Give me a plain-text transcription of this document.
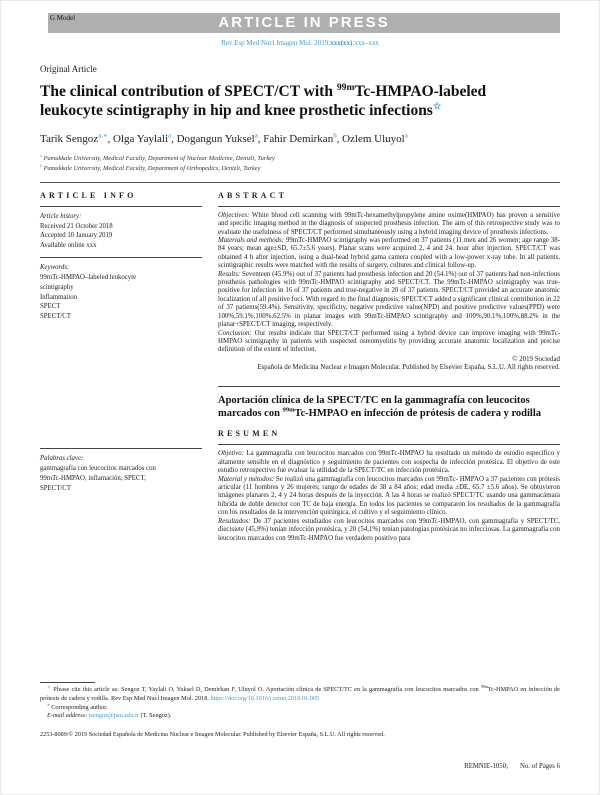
G Model	ARTICLE IN PRESS
Rev Esp Med Nucl Imagen Mol. 2019;xxx(xx):xxx–xxx
Original Article
The clinical contribution of SPECT/CT with $^{99m}$Tc-HMPAO-labeled leukocyte scintigraphy in hip and knee prosthetic infections☆
Tarik Sengoz$^{a,∗}$, Olga Yaylali$^a$, Dogangun Yuksel$^a$, Fahir Demirkan$^b$, Ozlem Uluyol$^a$
$^a$ Pamukkale University, Medical Faculty, Department of Nuclear Medicine, Denizli, Turkey
$^b$ Pamukkale University, Medical Faculty, Department of Orthopedics, Denizli, Turkey
ARTICLE INFO
Article history:
Received 21 October 2018
Accepted 10 January 2019
Available online xxx
Keywords:
99mTc-HMPAO–labeled leukocyte
scintigraphy
Inflammation
SPECT
SPECT/CT
ABSTRACT

Objectives: White blood cell scanning with 99mTc-hexamethylpropylene amine oxime(HMPAO) has proven a sensitive and specific imaging method in the diagnosis of suspected prosthesis infection. The aim of this retrospective study was to evaluate the usefulness of SPECT/CT performed simultaneously using a hybrid imaging device of prosthesis infections.

Materials and methods: 99mTc-HMPAO scintigraphy was performed on 37 patients (11 men and 26 women; age range 38-84 years; mean age±SD, 65.7±5.6 years). Planar scans were acquired 2, 4 and 24. hour after injection. SPECT/CT was obtained 4 h after injection, using a dual-head hybrid gama camera coupled with a low-power x-ray tube. In all patients, scintigraphic results were matched with the results of surgery, cultures and clinical follow-up.

Results: Seventeen (45.9%) out of 37 patients had prosthesis infection and 20 (54.1%) out of 37 patients had non-infectious prosthesis pathologies with 99mTc-HMPAO scintigraphy and SPECT/CT. The 99mTc-HMPAO scintigraphy was true-positive for infection in 16 of 37 patients and true-negative in 20 of 37 patients. SPECT/CT provided an accurate anatomic localization of all positive foci. With regard to the final diagnosis, SPECT/CT added a significant clinical contribution in 22 of 37 patients(59.4%). Sensitivity, specificity, negative predictive value(NPD) and positive predictive values(PPD) were 100%,59.1%,100%,62.5% in planar images with 99mTc-HMPAO scintigraphy and 100%,90.1%,100%,88.2% in the planar+SPECT/CT imaging, respectively.

Conclusion: Our results indicate that SPECT/CT performed using a hybrid device can improve imaging with 99mTc-HMPAO scintigraphy in patients with suspected osteomyelitis by providing accurate anatomic localization and precise definition of the extent of infection.

© 2019 Sociedad
Española de Medicina Nuclear e Imagen Molecular. Published by Elsevier España, S.L.U. All rights reserved.
Palabras clave:
gammagrafía con leucocitos marcados con
99mTc-HMPAO, inflamación, SPECT,
SPECT/CT
Aportación clínica de la SPECT/TC en la gammagrafía con leucocitos marcados con $^{99m}$Tc-HMPAO en infección de prótesis de cadera y rodilla
RESUMEN

Objetivo: La gammagrafía con leucocitos marcados con 99mTc-HMPAO ha resultado un método de estudio específico y altamente sensible en el diagnóstico y seguimiento de pacientes con sospecha de infección protésica. El objetivo de este estudio retrospectivo fue evaluar la utilidad de la SPECT/TC en infección protésica.

Material y métodos: Se realizó una gammagrafía con leucocitos marcados con 99mTc- HMPAO a 37 pacientes con prótesis articular (11 hombres y 26 mujeres; rango de edades de 38 a 84 años; edad media ±DE, 65.7 ±5.6 años). Se obtuvieron imágenes planares 2, 4 y 24 horas después de la inyección. A las 4 horas se realizó SPECT/TC usando una gammacámara híbrida de doble detector con TC de baja energía. En todos los pacientes se compararon los resultados de la gammagrafía con los resultados de la intervención quirúrgica, el cultivo y el seguimiento clínico.

Resultados: De 37 pacientes estudiados con leucocitos marcados con 99mTc-HMPAO, con gammagrafía y SPECT/TC, diecisiete (45,9%) tenían infección protésica, y 20 (54,1%) tenían patologías protésicas no infecciosas. La gammagrafía con leucocitos marcados con 99mTc-HMPAO fue verdadero positivo para

☆ Please cite this article as: Sengoz T, Yaylali O, Yuksel D, Demirkan F, Uluyol O. Aportación clínica de SPECT/TC en la gammagrafía con leucocitos marcados con $^{99m}$Tc-HMPAO en infección de prótesis de cadera y rodilla. Rev Esp Med Nucl Imagen Mol. 2018. https://doi.org/10.1016/j.remn.2019.01.005

∗ Corresponding author.

E-mail address: tsengoz@pau.edu.tr (T. Sengoz).

2253-8089/© 2019 Sociedad Española de Medicina Nuclear e Imagen Molecular. Published by Elsevier España, S.L.U. All rights reserved.
REMNIE-1050; No. of Pages 6
